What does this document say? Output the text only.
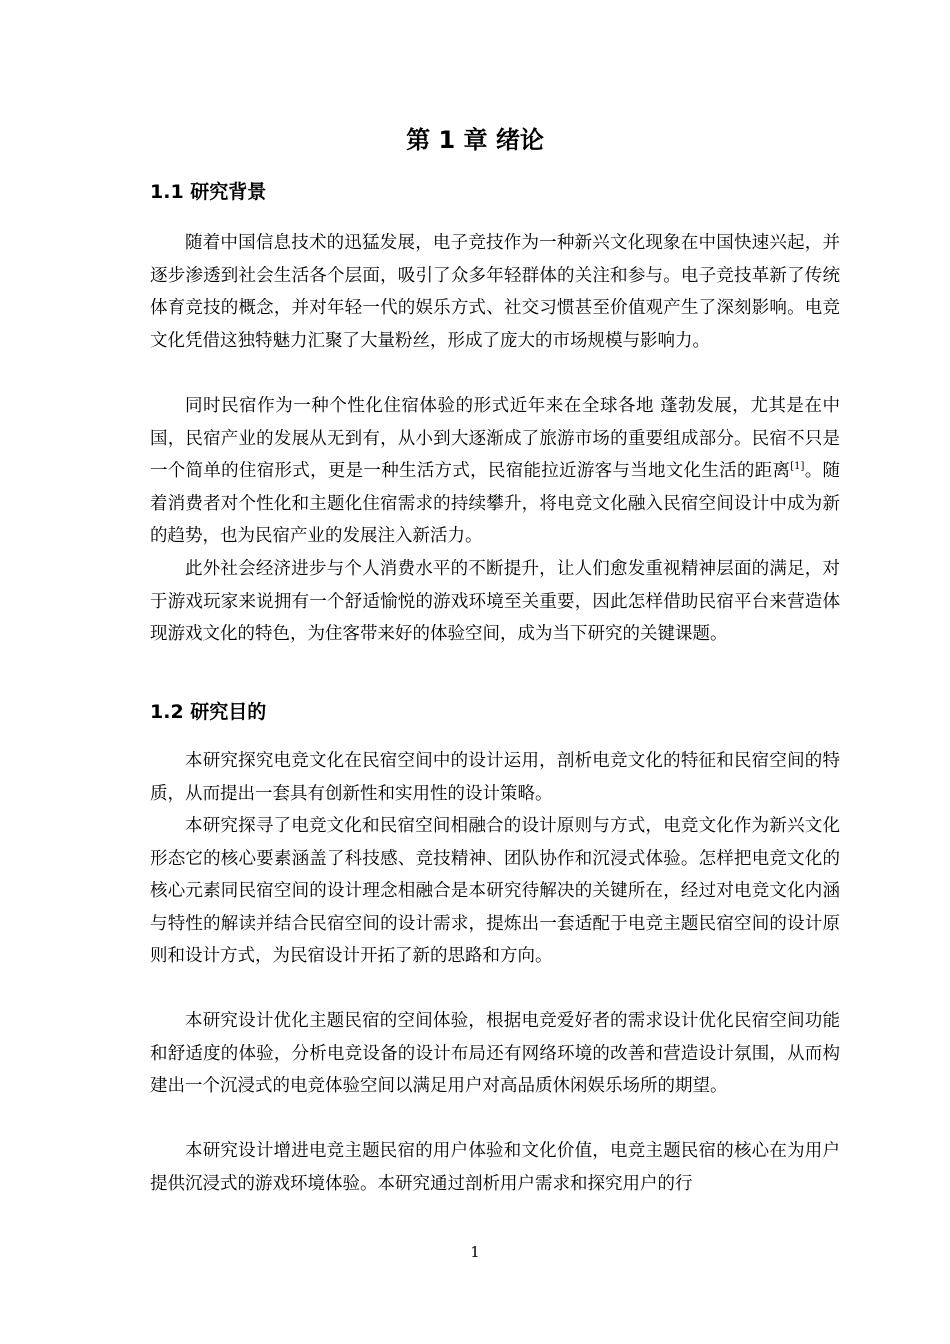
第 1 章 绪论
1.1 研究背景

随着中国信息技术的迅猛发展，电子竞技作为一种新兴文化现象在中国快速兴起，并逐步渗透到社会生活各个层面，吸引了众多年轻群体的关注和参与。电子竞技革新了传统体育竞技的概念，并对年轻一代的娱乐方式、社交习惯甚至价值观产生了深刻影响。电竞文化凭借这独特魅力汇聚了大量粉丝，形成了庞大的市场规模与影响力。

同时民宿作为一种个性化住宿体验的形式近年来在全球各地 蓬勃发展，尤其是在中国，民宿产业的发展从无到有，从小到大逐渐成了旅游市场的重要组成部分。民宿不只是一个简单的住宿形式，更是一种生活方式，民宿能拉近游客与当地文化生活的距离[1]。随着消费者对个性化和主题化住宿需求的持续攀升，将电竞文化融入民宿空间设计中成为新的趋势，也为民宿产业的发展注入新活力。

此外社会经济进步与个人消费水平的不断提升，让人们愈发重视精神层面的满足，对于游戏玩家来说拥有一个舒适愉悦的游戏环境至关重要，因此怎样借助民宿平台来营造体现游戏文化的特色，为住客带来好的体验空间，成为当下研究的关键课题。

1.2 研究目的

本研究探究电竞文化在民宿空间中的设计运用，剖析电竞文化的特征和民宿空间的特质，从而提出一套具有创新性和实用性的设计策略。

本研究探寻了电竞文化和民宿空间相融合的设计原则与方式，电竞文化作为新兴文化形态它的核心要素涵盖了科技感、竞技精神、团队协作和沉浸式体验。怎样把电竞文化的核心元素同民宿空间的设计理念相融合是本研究待解决的关键所在，经过对电竞文化内涵与特性的解读并结合民宿空间的设计需求，提炼出一套适配于电竞主题民宿空间的设计原则和设计方式，为民宿设计开拓了新的思路和方向。

本研究设计优化主题民宿的空间体验，根据电竞爱好者的需求设计优化民宿空间功能和舒适度的体验，分析电竞设备的设计布局还有网络环境的改善和营造设计氛围，从而构建出一个沉浸式的电竞体验空间以满足用户对高品质休闲娱乐场所的期望。

本研究设计增进电竞主题民宿的用户体验和文化价值，电竞主题民宿的核心在为用户提供沉浸式的游戏环境体验。本研究通过剖析用户需求和探究用户的行

1
